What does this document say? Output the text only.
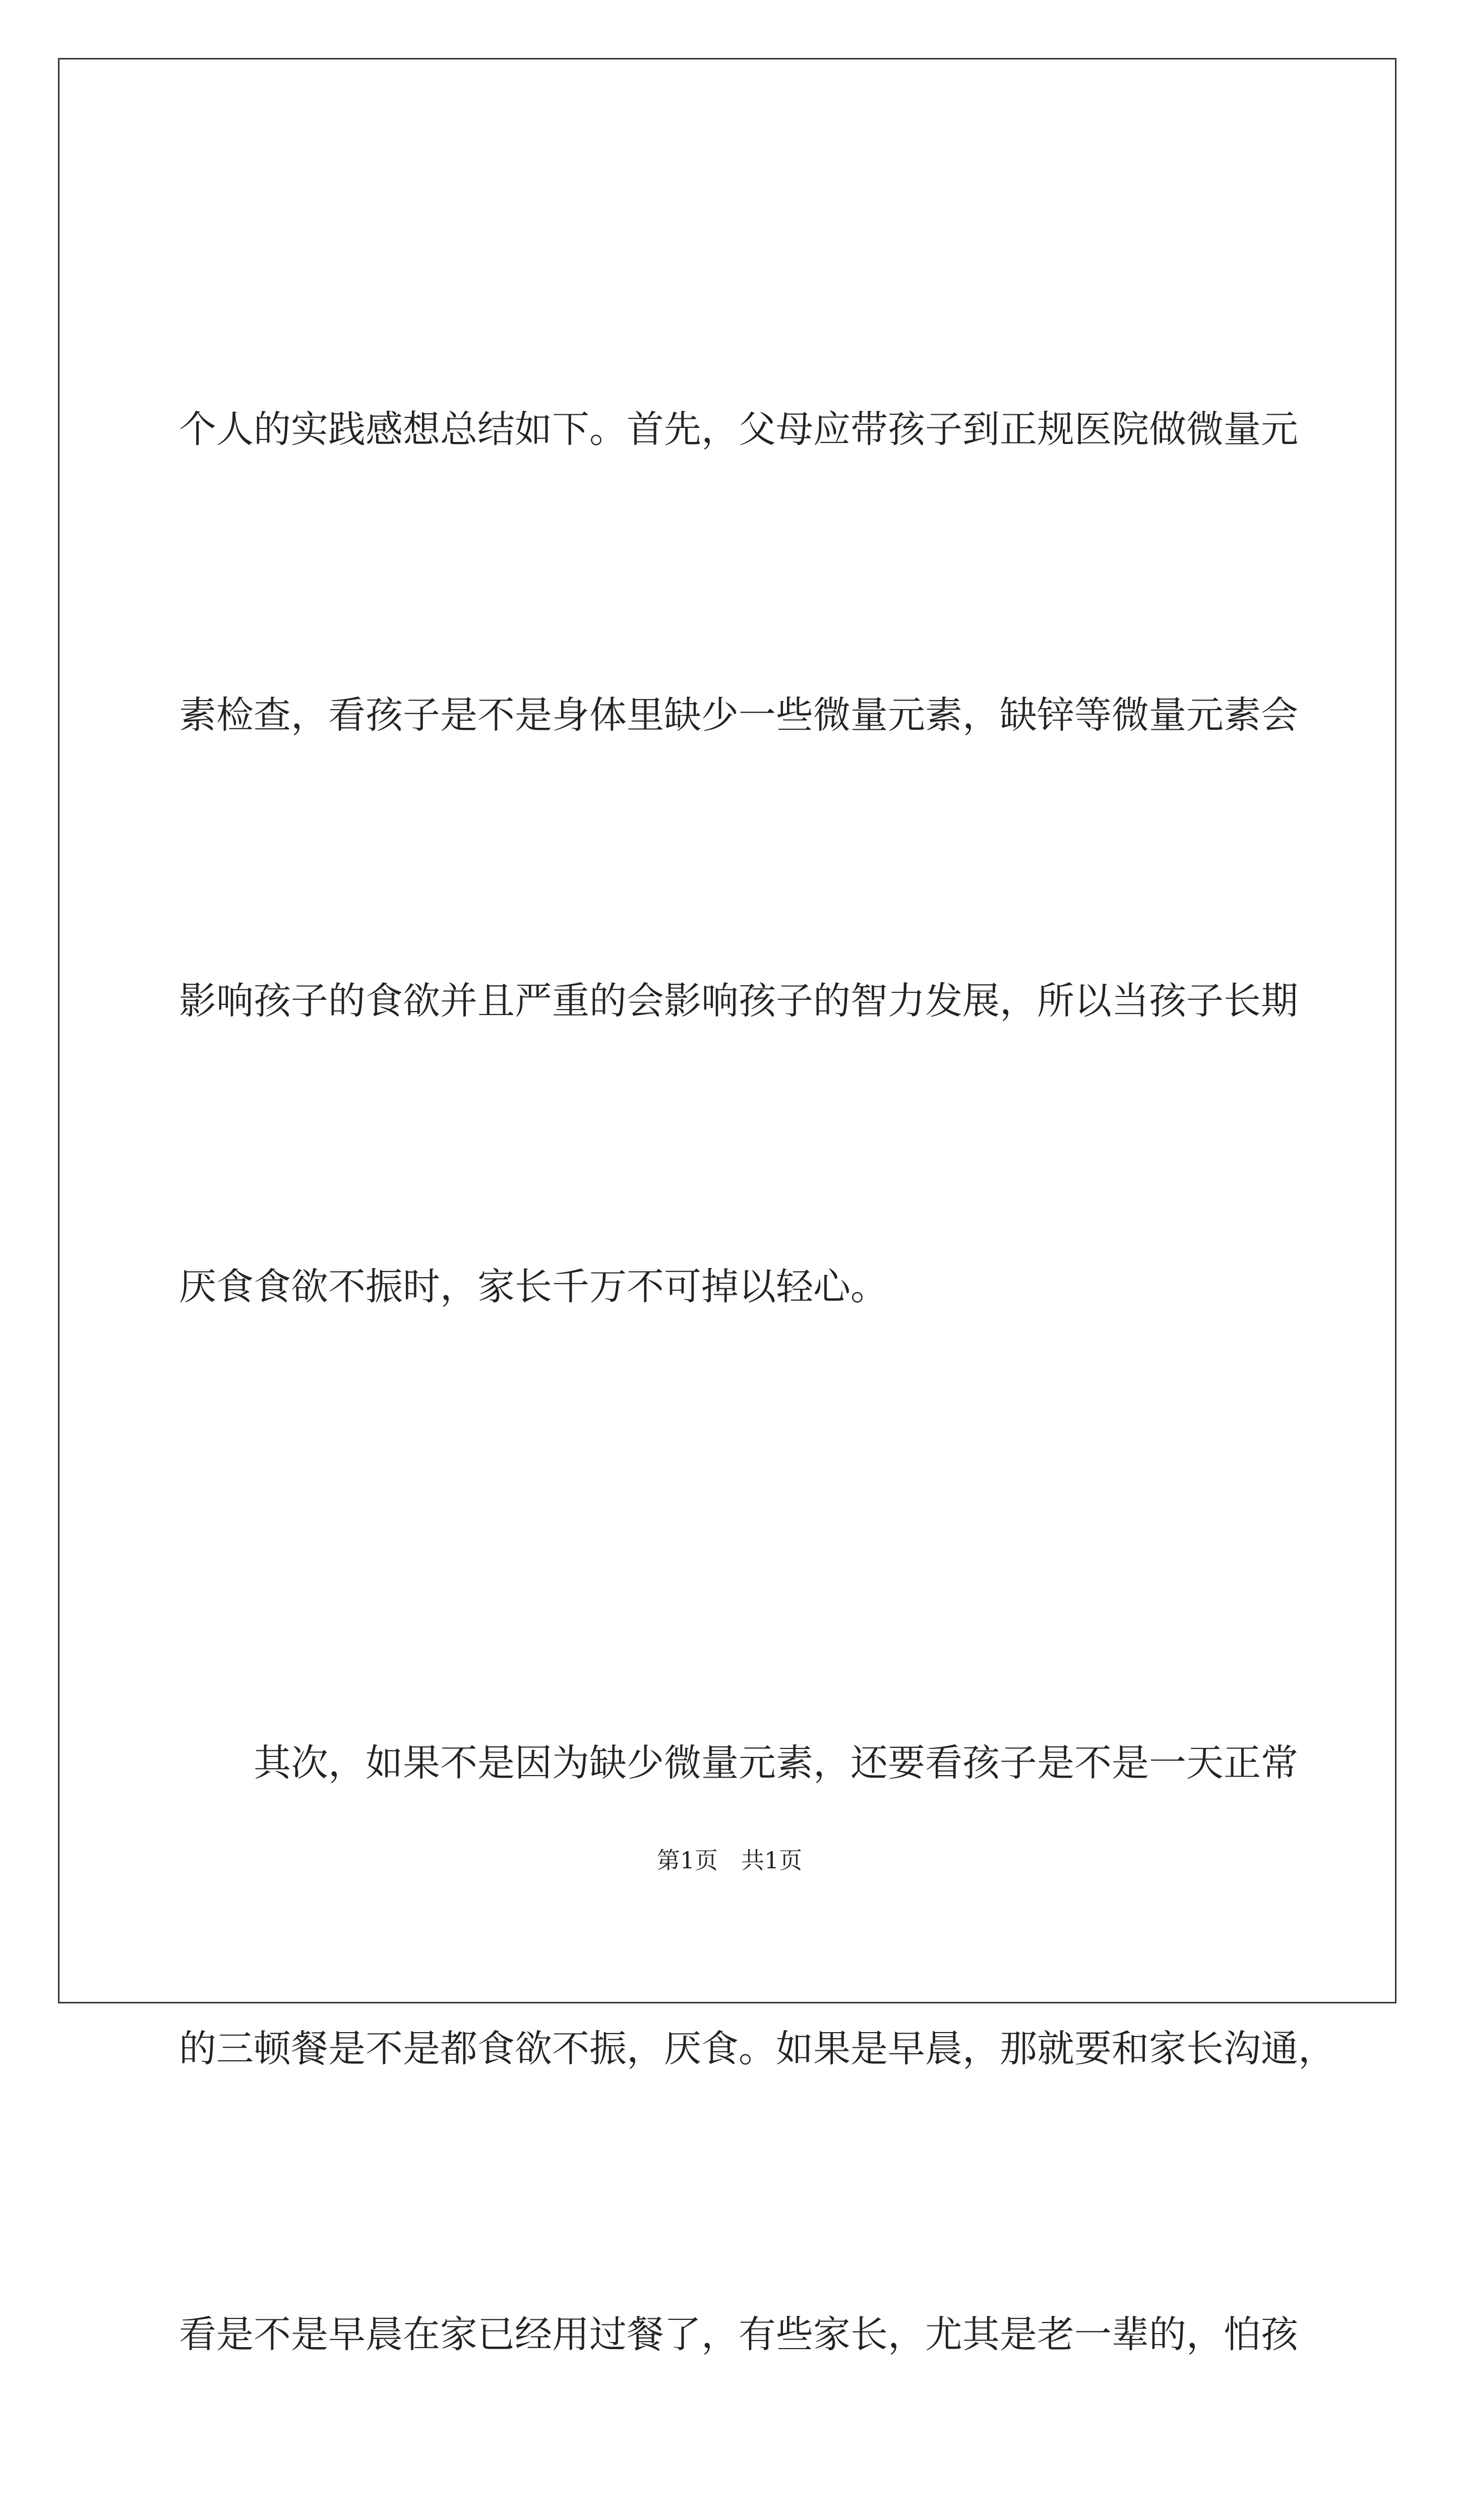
个人的实践感想总结如下。首先，父母应带孩子到正规医院做微量元

素检查，看孩子是不是身体里缺少一些微量元素，缺锌等微量元素会

影响孩子的食欲并且严重的会影响孩子的智力发展，所以当孩子长期

厌食食欲不振时，家长千万不可掉以轻心。

其次，如果不是因为缺少微量元素，还要看孩子是不是一天正常

的三顿餐是不是都食欲不振，厌食。如果是早晨，那就要和家长沟通，

看是不是早晨在家已经用过餐了，有些家长，尤其是老一辈的，怕孩

第1页 共1页
